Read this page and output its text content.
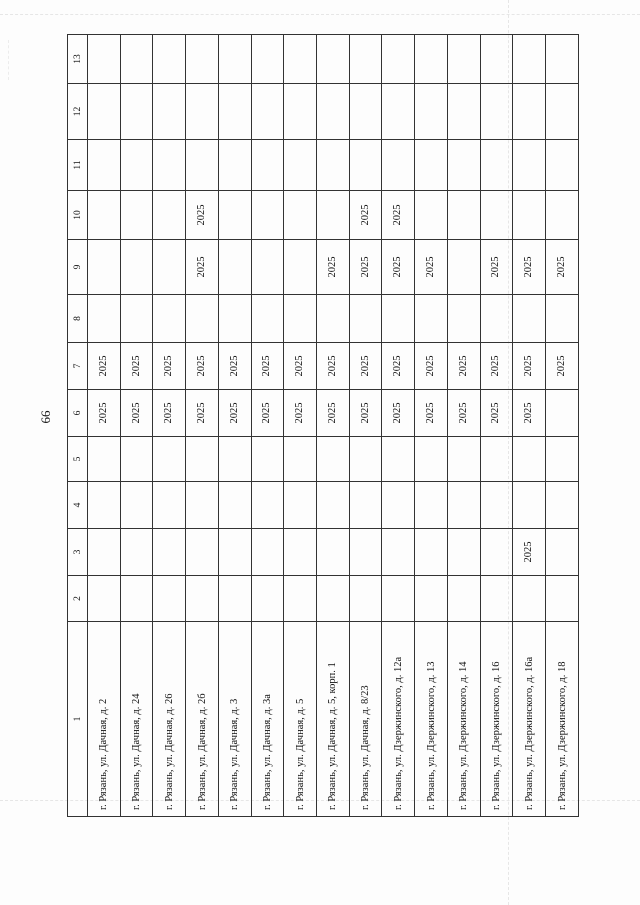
66
1	2	3	4	5	6	7	8	9	10	11	12	13
г. Рязань, ул. Дачная, д. 2					2025	2025						
г. Рязань, ул. Дачная, д. 24					2025	2025						
г. Рязань, ул. Дачная, д. 26					2025	2025						
г. Рязань, ул. Дачная, д. 2б					2025	2025		2025	2025			
г. Рязань, ул. Дачная, д. 3					2025	2025						
г. Рязань, ул. Дачная, д. 3а					2025	2025						
г. Рязань, ул. Дачная, д. 5					2025	2025						
г. Рязань, ул. Дачная, д. 5, корп. 1					2025	2025		2025				
г. Рязань, ул. Дачная, д. 8/23					2025	2025		2025	2025			
г. Рязань, ул. Дзержинского, д. 12а					2025	2025		2025	2025			
г. Рязань, ул. Дзержинского, д. 13					2025	2025		2025				
г. Рязань, ул. Дзержинского, д. 14					2025	2025						
г. Рязань, ул. Дзержинского, д. 16					2025	2025		2025				
г. Рязань, ул. Дзержинского, д. 16а		2025			2025	2025		2025				
г. Рязань, ул. Дзержинского, д. 18						2025		2025				
